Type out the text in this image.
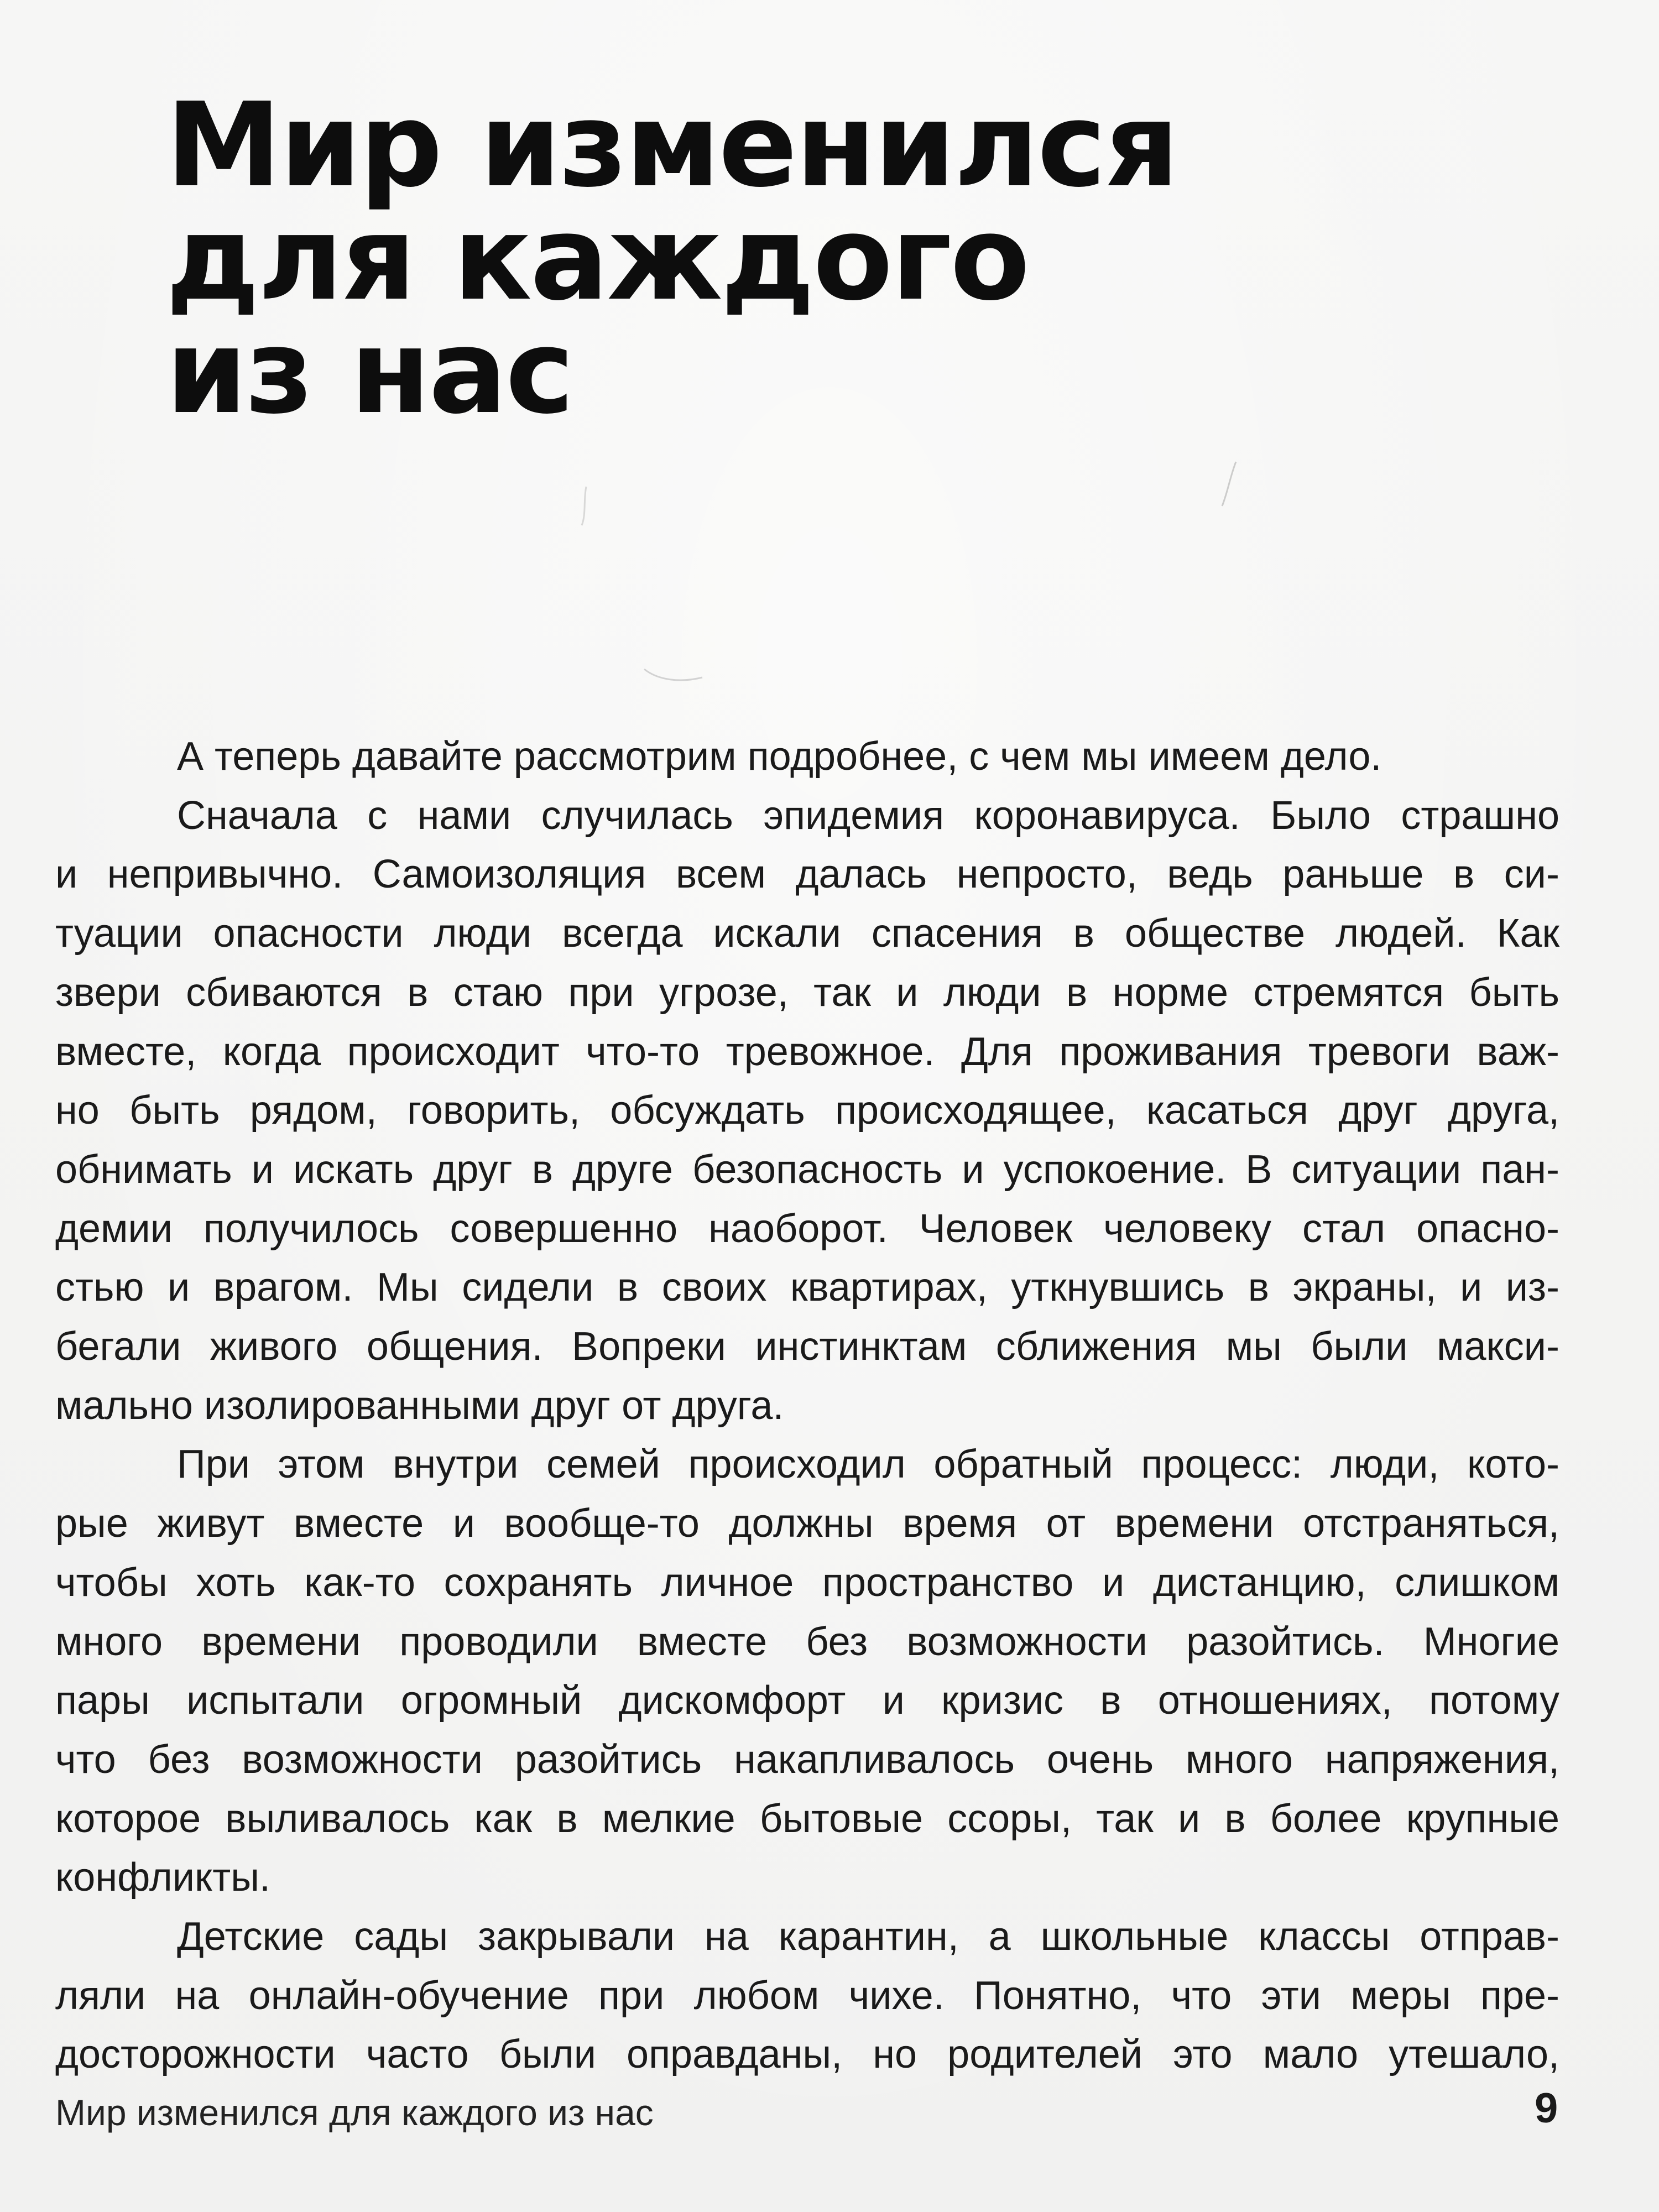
Мир изменился
для каждого
из нас

А теперь давайте рассмотрим подробнее, с чем мы имеем дело.

Сначала с нами случилась эпидемия коронавируса. Было страшно
и непривычно. Самоизоляция всем далась непросто, ведь раньше в си-
туации опасности люди всегда искали спасения в обществе людей. Как
звери сбиваются в стаю при угрозе, так и люди в норме стремятся быть
вместе, когда происходит что-то тревожное. Для проживания тревоги важ-
но быть рядом, говорить, обсуждать происходящее, касаться друг друга,
обнимать и искать друг в друге безопасность и успокоение. В ситуации пан-
демии получилось совершенно наоборот. Человек человеку стал опасно-
стью и врагом. Мы сидели в своих квартирах, уткнувшись в экраны, и из-
бегали живого общения. Вопреки инстинктам сближения мы были макси-
мально изолированными друг от друга.

При этом внутри семей происходил обратный процесс: люди, кото-
рые живут вместе и вообще-то должны время от времени отстраняться,
чтобы хоть как-то сохранять личное пространство и дистанцию, слишком
много времени проводили вместе без возможности разойтись. Многие
пары испытали огромный дискомфорт и кризис в отношениях, потому
что без возможности разойтись накапливалось очень много напряжения,
которое выливалось как в мелкие бытовые ссоры, так и в более крупные
конфликты.

Детские сады закрывали на карантин, а школьные классы отправ-
ляли на онлайн-обучение при любом чихе. Понятно, что эти меры пре-
досторожности часто были оправданы, но родителей это мало утешало,

Мир изменился для каждого из нас	9
